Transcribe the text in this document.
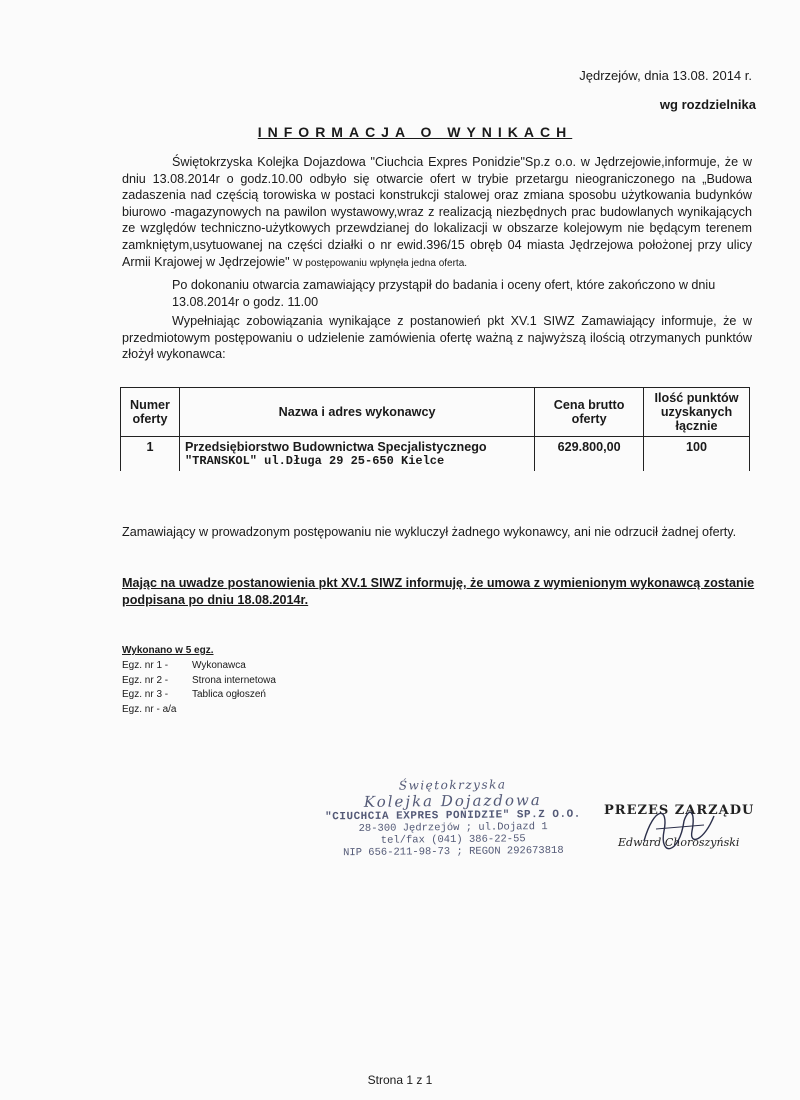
Jędrzejów, dnia 13.08. 2014 r.
wg rozdzielnika
INFORMACJA O WYNIKACH
Świętokrzyska Kolejka Dojazdowa "Ciuchcia Expres Ponidzie"Sp.z o.o. w Jędrzejowie,informuje, że w dniu 13.08.2014r o godz.10.00 odbyło się otwarcie ofert w trybie przetargu nieograniczonego na „Budowa zadaszenia nad częścią torowiska w postaci konstrukcji stalowej oraz zmiana sposobu użytkowania budynków biurowo -magazynowych na pawilon wystawowy,wraz z realizacją niezbędnych prac budowlanych wynikających ze względów techniczno-użytkowych przewdzianej do lokalizacji w obszarze kolejowym nie będącym terenem zamkniętym,usytuowanej na części działki o nr ewid.396/15 obręb 04 miasta Jędrzejowa położonej przy ulicy Armii Krajowej w Jędrzejowie" W postępowaniu wpłynęła jedna oferta.
Po dokonaniu otwarcia zamawiający przystąpił do badania i oceny ofert, które zakończono w dniu 13.08.2014r o godz. 11.00
Wypełniając zobowiązania wynikające z postanowień pkt XV.1 SIWZ Zamawiający informuje, że w przedmiotowym postępowaniu o udzielenie zamówienia ofertę ważną z najwyższą ilością otrzymanych punktów złożył wykonawca:
Numer oferty	Nazwa i adres wykonawcy	Cena brutto oferty	Ilość punktów uzyskanych łącznie
1	Przedsiębiorstwo Budownictwa Specjalistycznego
"TRANSKOL" ul.Długa 29 25-650 Kielce	629.800,00	100
Zamawiający w prowadzonym postępowaniu nie wykluczył żadnego wykonawcy, ani nie odrzucił żadnej oferty.
Mając na uwadze postanowienia pkt XV.1 SIWZ informuję, że umowa z wymienionym wykonawcą zostanie podpisana po dniu 18.08.2014r.
Wykonano w 5 egz.
Egz. nr 1 - Wykonawca
Egz. nr 2 - Strona internetowa
Egz. nr 3 - Tablica ogłoszeń
Egz. nr - a/a
Świętokrzyska
Kolejka Dojazdowa
"CIUCHCIA EXPRES PONIDZIE" SP.Z O.O.
28-300 Jędrzejów ; ul.Dojazd 1
tel/fax (041) 386-22-55
NIP 656-211-98-73 ; REGON 292673818
PREZES ZARZĄDU
Edward Choroszyński
Strona 1 z 1
